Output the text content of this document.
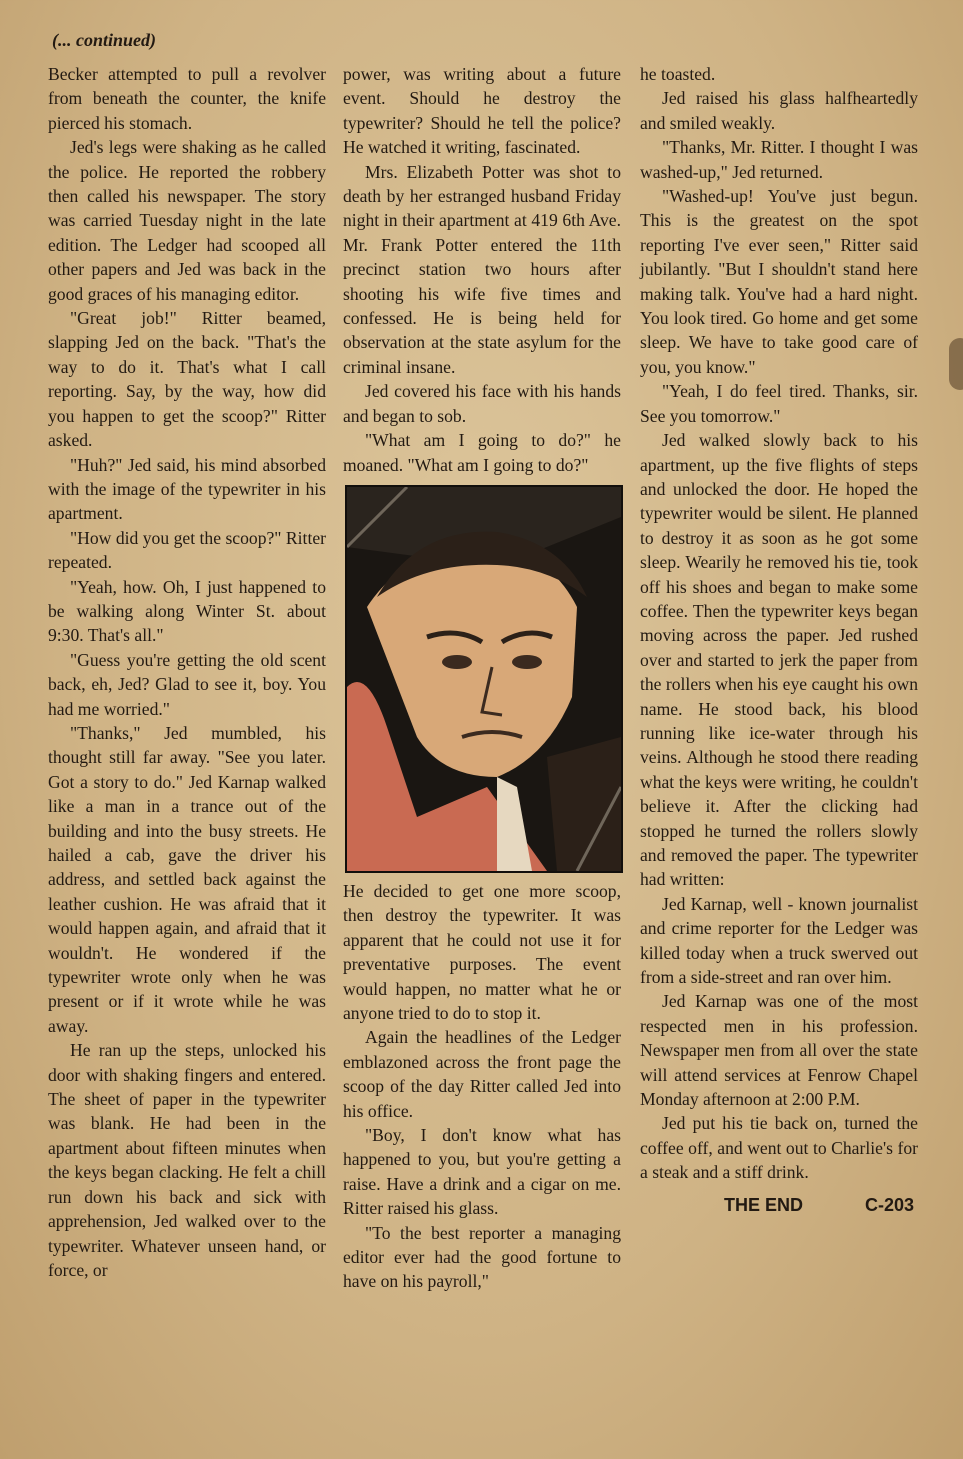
(... continued)

Becker attempted to pull a revolver from beneath the counter, the knife pierced his stomach.

Jed's legs were shaking as he called the police. He reported the robbery then called his newspaper. The story was carried Tuesday night in the late edition. The Ledger had scooped all other papers and Jed was back in the good graces of his managing editor.

"Great job!" Ritter beamed, slapping Jed on the back. "That's the way to do it. That's what I call reporting. Say, by the way, how did you happen to get the scoop?" Ritter asked.

"Huh?" Jed said, his mind absorbed with the image of the typewriter in his apartment.

"How did you get the scoop?" Ritter repeated.

"Yeah, how. Oh, I just happened to be walking along Winter St. about 9:30. That's all."

"Guess you're getting the old scent back, eh, Jed? Glad to see it, boy. You had me worried."

"Thanks," Jed mumbled, his thought still far away. "See you later. Got a story to do." Jed Karnap walked like a man in a trance out of the building and into the busy streets. He hailed a cab, gave the driver his address, and settled back against the leather cushion. He was afraid that it would happen again, and afraid that it wouldn't. He wondered if the typewriter wrote only when he was present or if it wrote while he was away.

He ran up the steps, unlocked his door with shaking fingers and entered. The sheet of paper in the typewriter was blank. He had been in the apartment about fifteen minutes when the keys began clacking. He felt a chill run down his back and sick with apprehension, Jed walked over to the typewriter. Whatever unseen hand, or force, or

power, was writing about a future event. Should he destroy the typewriter? Should he tell the police? He watched it writing, fascinated.

Mrs. Elizabeth Potter was shot to death by her estranged husband Friday night in their apartment at 419 6th Ave. Mr. Frank Potter entered the 11th precinct station two hours after shooting his wife five times and confessed. He is being held for observation at the state asylum for the criminal insane.

Jed covered his face with his hands and began to sob.

"What am I going to do?" he moaned. "What am I going to do?"

He decided to get one more scoop, then destroy the typewriter. It was apparent that he could not use it for preventative purposes. The event would happen, no matter what he or anyone tried to do to stop it.

Again the headlines of the Ledger emblazoned across the front page the scoop of the day Ritter called Jed into his office.

"Boy, I don't know what has happened to you, but you're getting a raise. Have a drink and a cigar on me. Ritter raised his glass.

"To the best reporter a managing editor ever had the good fortune to have on his payroll,"

he toasted.

Jed raised his glass halfheartedly and smiled weakly.

"Thanks, Mr. Ritter. I thought I was washed-up," Jed returned.

"Washed-up! You've just begun. This is the greatest on the spot reporting I've ever seen," Ritter said jubilantly. "But I shouldn't stand here making talk. You've had a hard night. You look tired. Go home and get some sleep. We have to take good care of you, you know."

"Yeah, I do feel tired. Thanks, sir. See you tomorrow."

Jed walked slowly back to his apartment, up the five flights of steps and unlocked the door. He hoped the typewriter would be silent. He planned to destroy it as soon as he got some sleep. Wearily he removed his tie, took off his shoes and began to make some coffee. Then the typewriter keys began moving across the paper. Jed rushed over and started to jerk the paper from the rollers when his eye caught his own name. He stood back, his blood running like ice-water through his veins. Although he stood there reading what the keys were writing, he couldn't believe it. After the clicking had stopped he turned the rollers slowly and removed the paper. The typewriter had written:

Jed Karnap, well - known journalist and crime reporter for the Ledger was killed today when a truck swerved out from a side-street and ran over him.

Jed Karnap was one of the most respected men in his profession. Newspaper men from all over the state will attend services at Fenrow Chapel Monday afternoon at 2:00 P.M.

Jed put his tie back on, turned the coffee off, and went out to Charlie's for a steak and a stiff drink.

THE END	C-203
